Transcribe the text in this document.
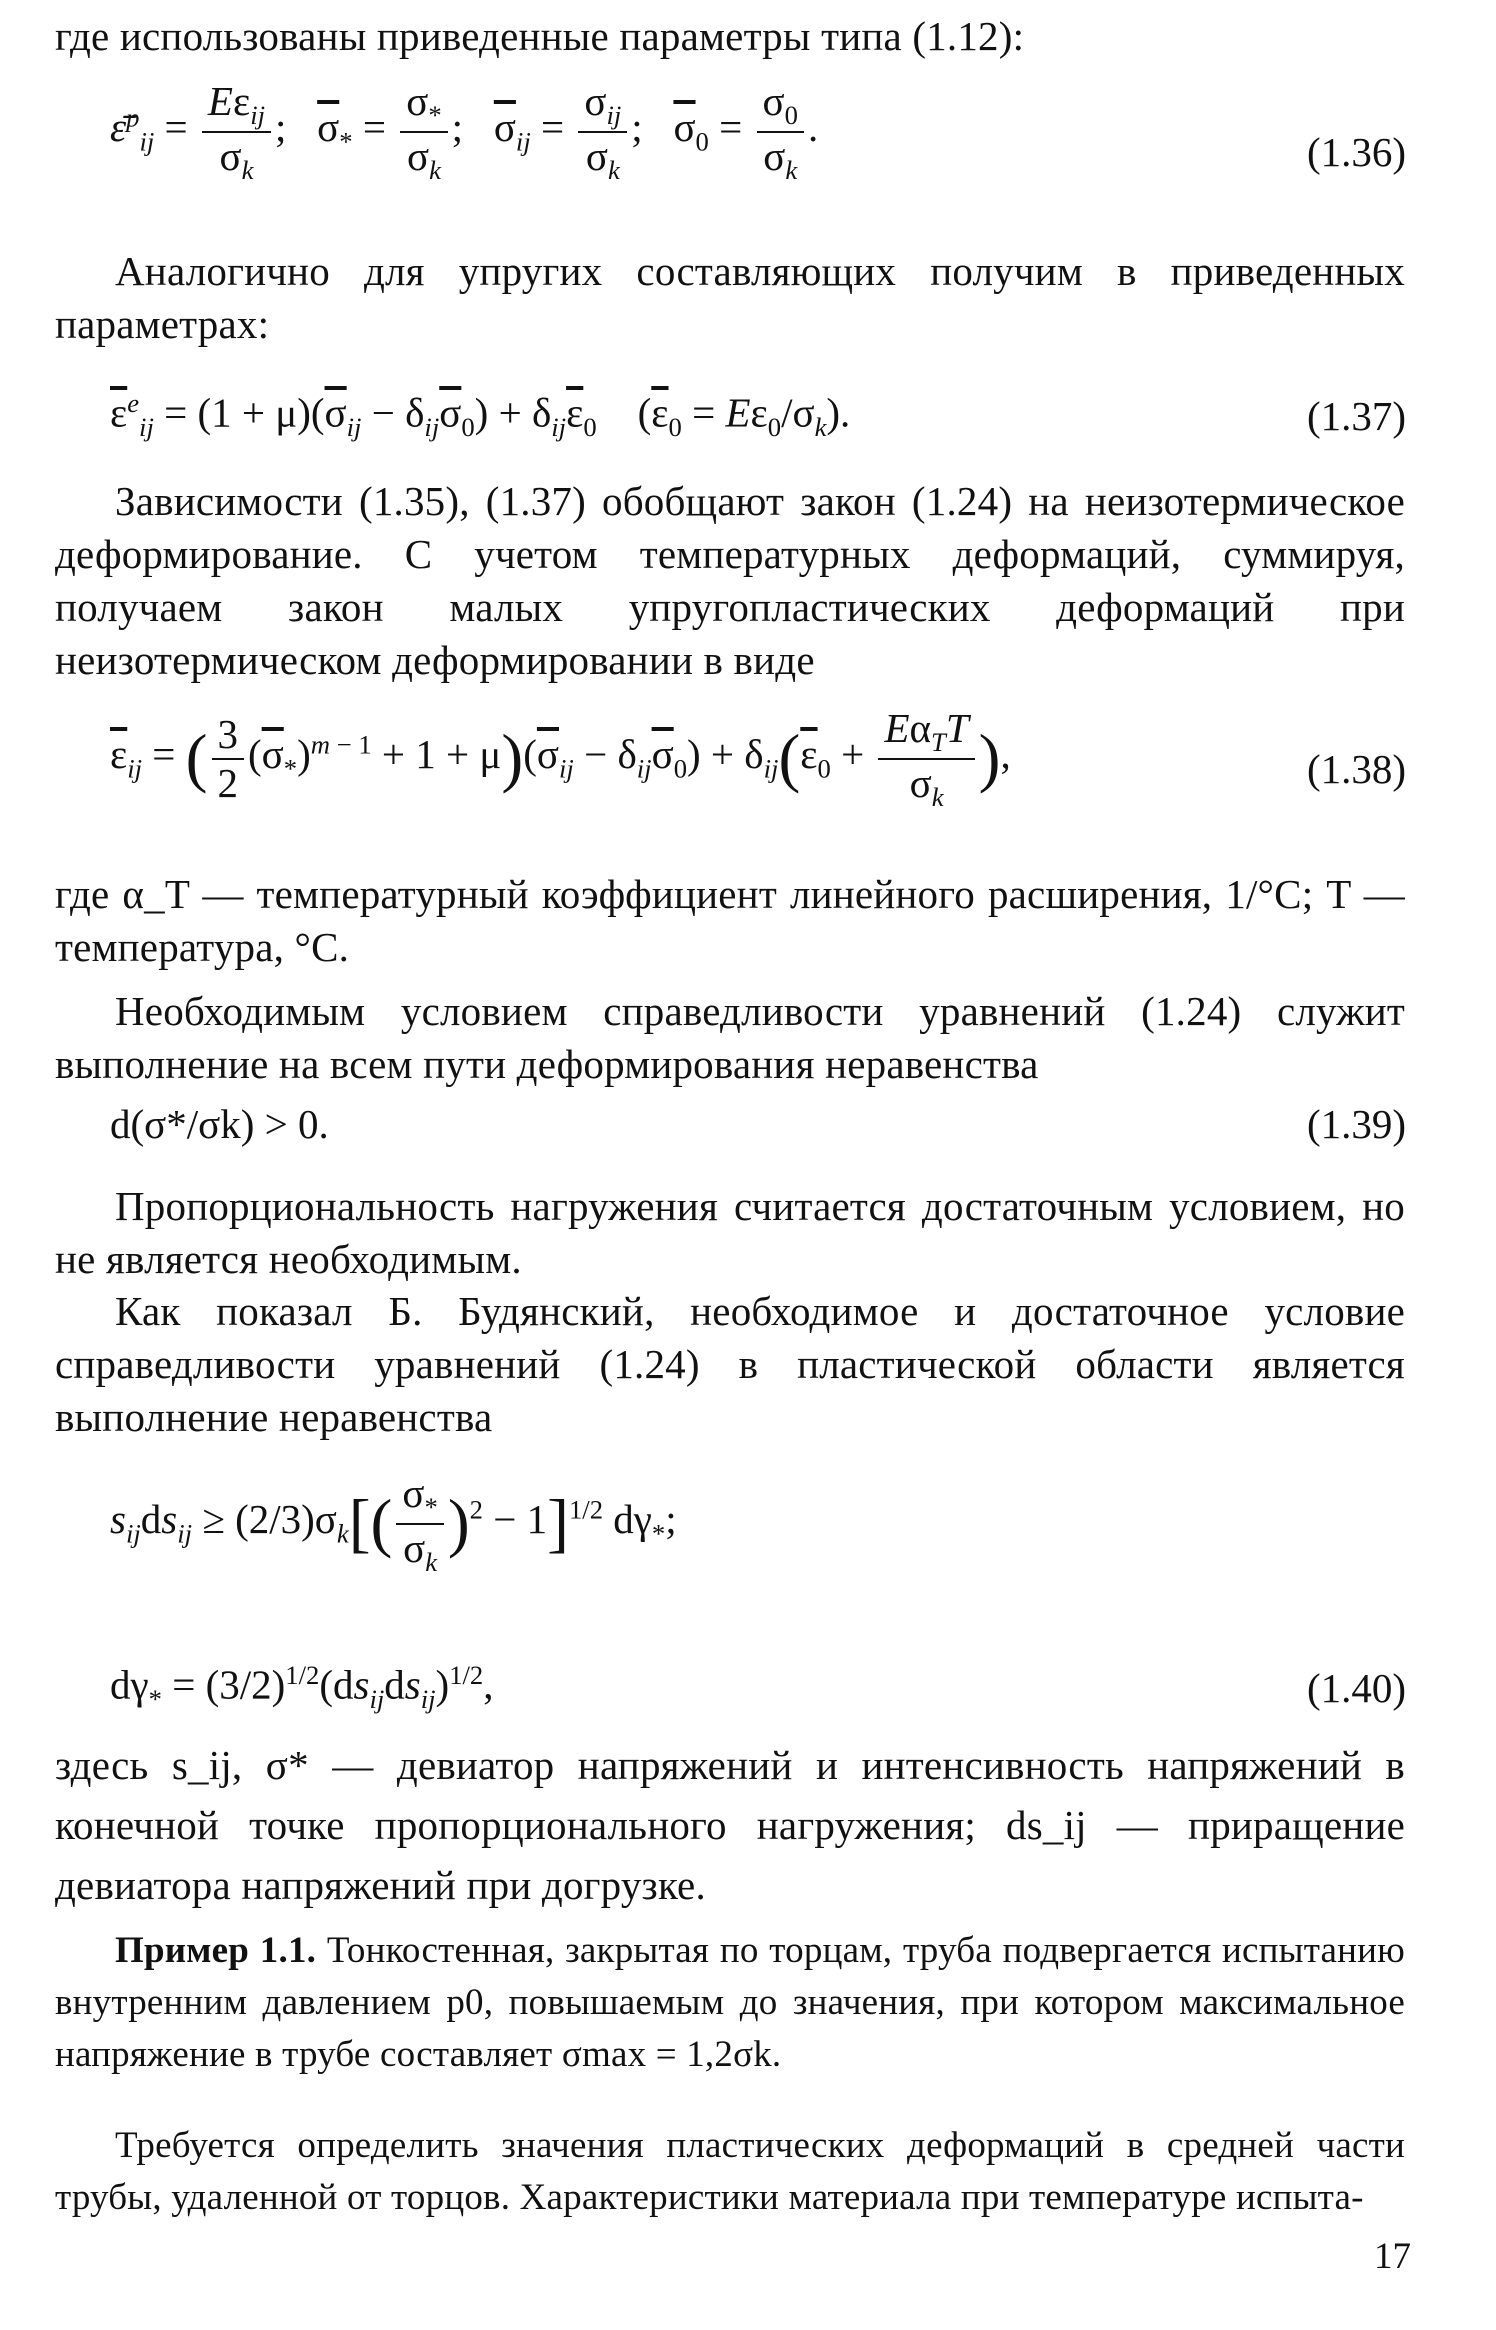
где использованы приведенные параметры типа (1.12):
ε̄$^p_{ij}$ = $\frac{E\varepsilon_{ij}}{\sigma_k}$ ;   $\overline{\sigma}_* = \frac{\sigma_*}{\sigma_k}$ ;   $\overline{\sigma}_{ij} = \frac{\sigma_{ij}}{\sigma_k}$ ;   $\overline{\sigma}_0 = \frac{\sigma_0}{\sigma_k}$ .
(1.36)
Аналогично для упругих составляющих получим в приведенных параметрах:
$\overline{\varepsilon}^e_{ij} = (1 + \mu)(\overline{\sigma}_{ij} - \delta_{ij}\overline{\sigma}_0) + \delta_{ij}\overline{\varepsilon}_0$    $(\overline{\varepsilon}_0 = E\varepsilon_0/\sigma_k)$.	(1.37)
Зависимости (1.35), (1.37) обобщают закон (1.24) на неизотермическое деформирование. С учетом температурных деформаций, суммируя, получаем закон малых упругопластических деформаций при неизотермическом деформировании в виде
$\overline{\varepsilon}_{ij}$ = ( $\frac{3}{2} (\overline{\sigma}_*)^{m - 1} + 1 + \mu)(\overline{\sigma}_{ij} - \delta_{ij}\overline{\sigma}_0) + \delta_{ij}(\overline{\varepsilon}_0 + \frac{E\alpha_TT}{\sigma_k}$ ),	(1.38)
где α_T — температурный коэффициент линейного расширения, 1/°С; T — температура, °С.
Необходимым условием справедливости уравнений (1.24) служит выполнение на всем пути деформирования неравенства
d(σ*/σk) > 0.	(1.39)
Пропорциональность нагружения считается достаточным условием, но не является необходимым.
Как показал Б. Будянский, необходимое и достаточное условие справедливости уравнений (1.24) в пластической области является выполнение неравенства
$s_{ij}ds_{ij} \ge (2/3)\sigma_k[( \frac{\sigma_*}{\sigma_k} )^2 - 1]^{1/2}$ $d\gamma_*$;
$d\gamma_* = (3/2)^{1/2}(ds_{ij}ds_{ij})^{1/2}$,	(1.40)
здесь s_ij, σ* — девиатор напряжений и интенсивность напряжений в конечной точке пропорционального нагружения; ds_ij — приращение девиатора напряжений при догрузке.
Пример 1.1. Тонкостенная, закрытая по торцам, труба подвергается испытанию внутренним давлением p0, повышаемым до значения, при котором максимальное напряжение в трубе составляет σmax = 1,2σk.
Требуется определить значения пластических деформаций в средней части трубы, удаленной от торцов. Характеристики материала при температуре испыта-
17
